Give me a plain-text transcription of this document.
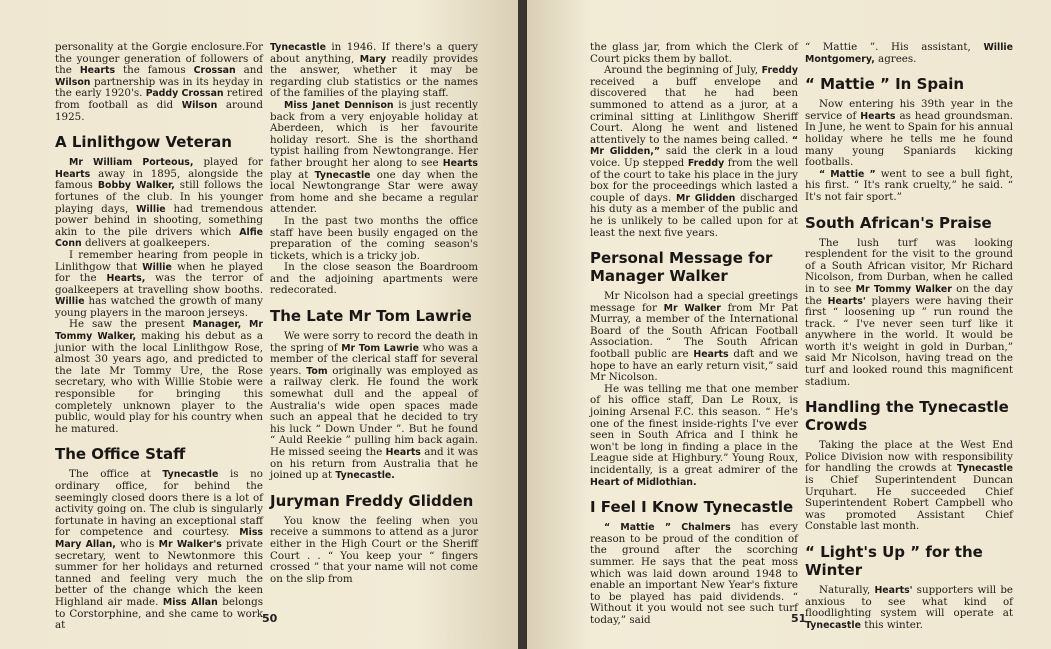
personality at the Gorgie enclosure.For the younger generation of followers of the Hearts the famous Crossan and Wilson partnership was in its heyday in the early 1920's. Paddy Crossan retired from football as did Wilson around 1925.

A Linlithgow Veteran

Mr William Porteous, played for Hearts away in 1895, alongside the famous Bobby Walker, still follows the fortunes of the club. In his younger playing days, Willie had tremendous power behind in shooting, something akin to the pile drivers which Alfie Conn delivers at goalkeepers.

I remember hearing from people in Linlithgow that Willie when he played for the Hearts, was the terror of goalkeepers at travelling show booths. Willie has watched the growth of many young players in the maroon jerseys.

He saw the present Manager, Mr Tommy Walker, making his debut as a junior with the local Linlithgow Rose, almost 30 years ago, and predicted to the late Mr Tommy Ure, the Rose secretary, who with Willie Stobie were responsible for bringing this completely unknown player to the public, would play for his country when he matured.

The Office Staff

The office at Tynecastle is no ordinary office, for behind the seemingly closed doors there is a lot of activity going on. The club is singularly fortunate in having an exceptional staff for competence and courtesy. Miss Mary Allan, who is Mr Walker's private secretary, went to Newtonmore this summer for her holidays and returned tanned and feeling very much the better of the change which the keen Highland air made. Miss Allan belongs to Corstorphine, and she came to work at

Tynecastle in 1946. If there's a query about anything, Mary readily provides the answer, whether it may be regarding club statistics or the names of the families of the playing staff.

Miss Janet Dennison is just recently back from a very enjoyable holiday at Aberdeen, which is her favourite holiday resort. She is the shorthand typist hailing from Newtongrange. Her father brought her along to see Hearts play at Tynecastle one day when the local Newtongrange Star were away from home and she became a regular attender.

In the past two months the office staff have been busily engaged on the preparation of the coming season's tickets, which is a tricky job.

In the close season the Boardroom and the adjoining apartments were redecorated.

The Late Mr Tom Lawrie

We were sorry to record the death in the spring of Mr Tom Lawrie who was a member of the clerical staff for several years. Tom originally was employed as a railway clerk. He found the work somewhat dull and the appeal of Australia's wide open spaces made such an appeal that he decided to try his luck “ Down Under ”. But he found “ Auld Reekie ” pulling him back again. He missed seeing the Hearts and it was on his return from Australia that he joined up at Tynecastle.

Juryman Freddy Glidden

You know the feeling when you receive a summons to attend as a juror either in the High Court or the Sheriff Court . . “ You keep your “ fingers crossed ” that your name will not come on the slip from

50

the glass jar, from which the Clerk of Court picks them by ballot.

Around the beginning of July, Freddy received a buff envelope and discovered that he had been summoned to attend as a juror, at a criminal sitting at Linlithgow Sheriff Court. Along he went and listened attentively to the names being called. “ Mr Glidden,” said the clerk in a loud voice. Up stepped Freddy from the well of the court to take his place in the jury box for the proceedings which lasted a couple of days. Mr Glidden discharged his duty as a member of the public and he is unlikely to be called upon for at least the next five years.

Personal Message for Manager Walker

Mr Nicolson had a special greetings message for Mr Walker from Mr Pat Murray, a member of the International Board of the South African Football Association. “ The South African football public are Hearts daft and we hope to have an early return visit,” said Mr Nicolson.

He was telling me that one member of his office staff, Dan Le Roux, is joining Arsenal F.C. this season. “ He's one of the finest inside-rights I've ever seen in South Africa and I think he won't be long in finding a place in the League side at Highbury.” Young Roux, incidentally, is a great admirer of the Heart of Midlothian.

I Feel I Know Tynecastle

“ Mattie ” Chalmers has every reason to be proud of the condition of the ground after the scorching summer. He says that the peat moss which was laid down around 1948 to enable an important New Year's fixture to be played has paid dividends. “ Without it you would not see such turf today,” said

“ Mattie ”. His assistant, Willie Montgomery, agrees.

“ Mattie ” In Spain

Now entering his 39th year in the service of Hearts as head groundsman. In June, he went to Spain for his annual holiday where he tells me he found many young Spaniards kicking footballs.

“ Mattie ” went to see a bull fight, his first. “ It's rank cruelty,” he said. “ It's not fair sport.”

South African's Praise

The lush turf was looking resplendent for the visit to the ground of a South African visitor, Mr Richard Nicolson, from Durban, when he called in to see Mr Tommy Walker on the day the Hearts' players were having their first “ loosening up ” run round the track. “ I've never seen turf like it anywhere in the world. It would be worth it's weight in gold in Durban,” said Mr Nicolson, having tread on the turf and looked round this magnificent stadium.

Handling the Tynecastle Crowds

Taking the place at the West End Police Division now with responsibility for handling the crowds at Tynecastle is Chief Superintendent Duncan Urquhart. He succeeded Chief Superintendent Robert Campbell who was promoted Assistant Chief Constable last month.

“ Light's Up ” for the Winter

Naturally, Hearts' supporters will be anxious to see what kind of floodlighting system will operate at Tynecastle this winter.

51
